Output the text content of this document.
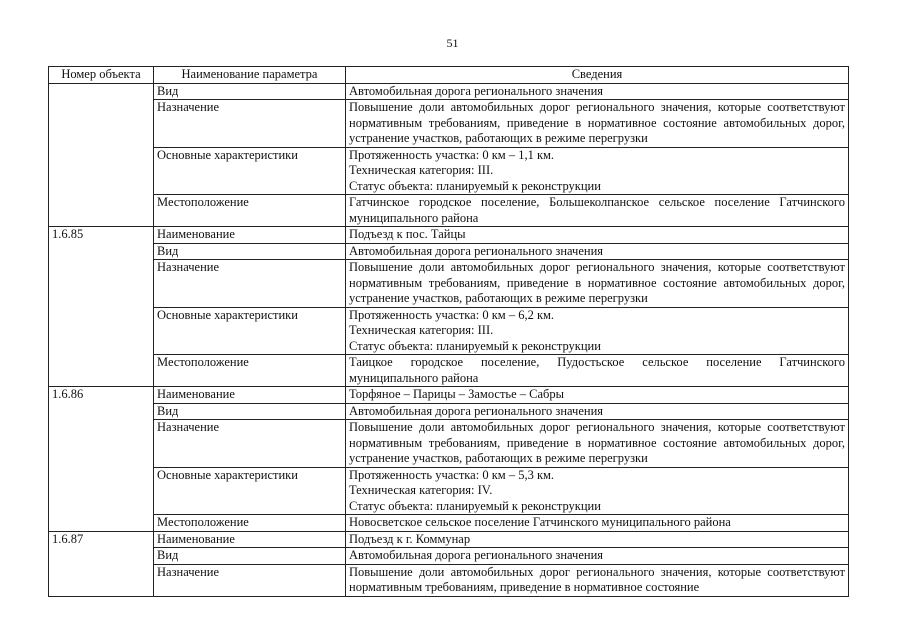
51
Номер объекта	Наименование параметра	Сведения
	Вид	Автомобильная дорога регионального значения

	Назначение	Повышение доли автомобильных дорог регионального значения, которые соответствуют нормативным требованиям, приведение в нормативное состояние автомобильных дорог, устранение участков, работающих в режиме перегрузки

	Основные характеристики	Протяженность участка: 0 км – 1,1 км.
Техническая категория: III.
Статус объекта: планируемый к реконструкции

	Местоположение	Гатчинское городское поселение, Большеколпанское сельское поселение Гатчинского муниципального района

1.6.85	Наименование	Подъезд к пос. Тайцы

	Вид	Автомобильная дорога регионального значения

	Назначение	Повышение доли автомобильных дорог регионального значения, которые соответствуют нормативным требованиям, приведение в нормативное состояние автомобильных дорог, устранение участков, работающих в режиме перегрузки

	Основные характеристики	Протяженность участка: 0 км – 6,2 км.
Техническая категория: III.
Статус объекта: планируемый к реконструкции

	Местоположение	Таицкое городское поселение, Пудостьское сельское поселение Гатчинского муниципального района

1.6.86	Наименование	Торфяное – Парицы – Замостье – Сабры

	Вид	Автомобильная дорога регионального значения

	Назначение	Повышение доли автомобильных дорог регионального значения, которые соответствуют нормативным требованиям, приведение в нормативное состояние автомобильных дорог, устранение участков, работающих в режиме перегрузки

	Основные характеристики	Протяженность участка: 0 км – 5,3 км.
Техническая категория: IV.
Статус объекта: планируемый к реконструкции

	Местоположение	Новосветское сельское поселение Гатчинского муниципального района

1.6.87	Наименование	Подъезд к г. Коммунар

	Вид	Автомобильная дорога регионального значения

	Назначение	Повышение доли автомобильных дорог регионального значения, которые соответствуют нормативным требованиям, приведение в нормативное состояние
